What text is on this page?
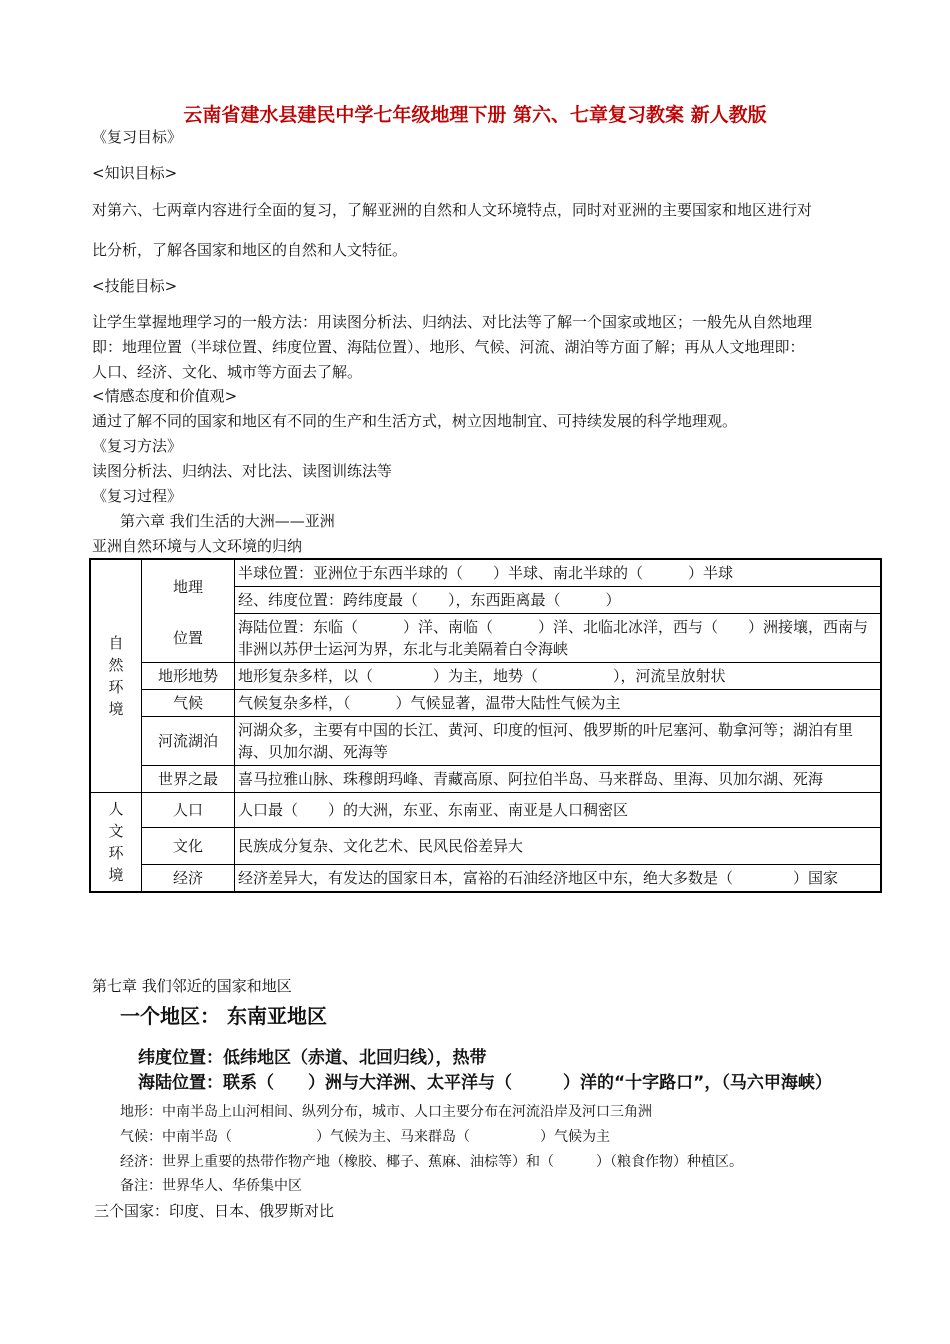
云南省建水县建民中学七年级地理下册 第六、七章复习教案 新人教版
《复习目标》
<知识目标>
对第六、七两章内容进行全面的复习，了解亚洲的自然和人文环境特点，同时对亚洲的主要国家和地区进行对
比分析，了解各国家和地区的自然和人文特征。
<技能目标>
让学生掌握地理学习的一般方法：用读图分析法、归纳法、对比法等了解一个国家或地区；一般先从自然地理
即：地理位置（半球位置、纬度位置、海陆位置）、地形、气候、河流、湖泊等方面了解；再从人文地理即：
人口、经济、文化、城市等方面去了解。
<情感态度和价值观>
通过了解不同的国家和地区有不同的生产和生活方式，树立因地制宜、可持续发展的科学地理观。
《复习方法》
读图分析法、归纳法、对比法、读图训练法等
《复习过程》
第六章 我们生活的大洲——亚洲
亚洲自然环境与人文环境的归纳
自然环境	地理	半球位置：亚洲位于东西半球的（　　）半球、南北半球的（　　　）半球
		经、纬度位置：跨纬度最（　　），东西距离最（　　　）
	位置	海陆位置：东临（　　　）洋、南临（　　　）洋、北临北冰洋，西与（　　）洲接壤，西南与非洲以苏伊士运河为界，东北与北美隔着白令海峡
	地形地势	地形复杂多样，以（　　　　）为主，地势（　　　　　），河流呈放射状
	气候	气候复杂多样，（　　　）气候显著，温带大陆性气候为主
	河流湖泊	河湖众多，主要有中国的长江、黄河、印度的恒河、俄罗斯的叶尼塞河、勒拿河等；湖泊有里海、贝加尔湖、死海等
	世界之最	喜马拉雅山脉、珠穆朗玛峰、青藏高原、阿拉伯半岛、马来群岛、里海、贝加尔湖、死海
人文环境	人口	人口最（　　）的大洲，东亚、东南亚、南亚是人口稠密区
	文化	民族成分复杂、文化艺术、民风民俗差异大
	经济	经济差异大，有发达的国家日本，富裕的石油经济地区中东，绝大多数是（　　　　）国家
第七章 我们邻近的国家和地区
一个地区： 东南亚地区
纬度位置：低纬地区（赤道、北回归线），热带
海陆位置：联系（　　）洲与大洋洲、太平洋与（　　　）洋的“十字路口”，（马六甲海峡）
地形：中南半岛上山河相间、纵列分布，城市、人口主要分布在河流沿岸及河口三角洲
气候：中南半岛（　　　　　　）气候为主、马来群岛（　　　　　）气候为主
经济：世界上重要的热带作物产地（橡胶、椰子、蕉麻、油棕等）和（　　　）（粮食作物）种植区。
备注：世界华人、华侨集中区
三个国家：印度、日本、俄罗斯对比
